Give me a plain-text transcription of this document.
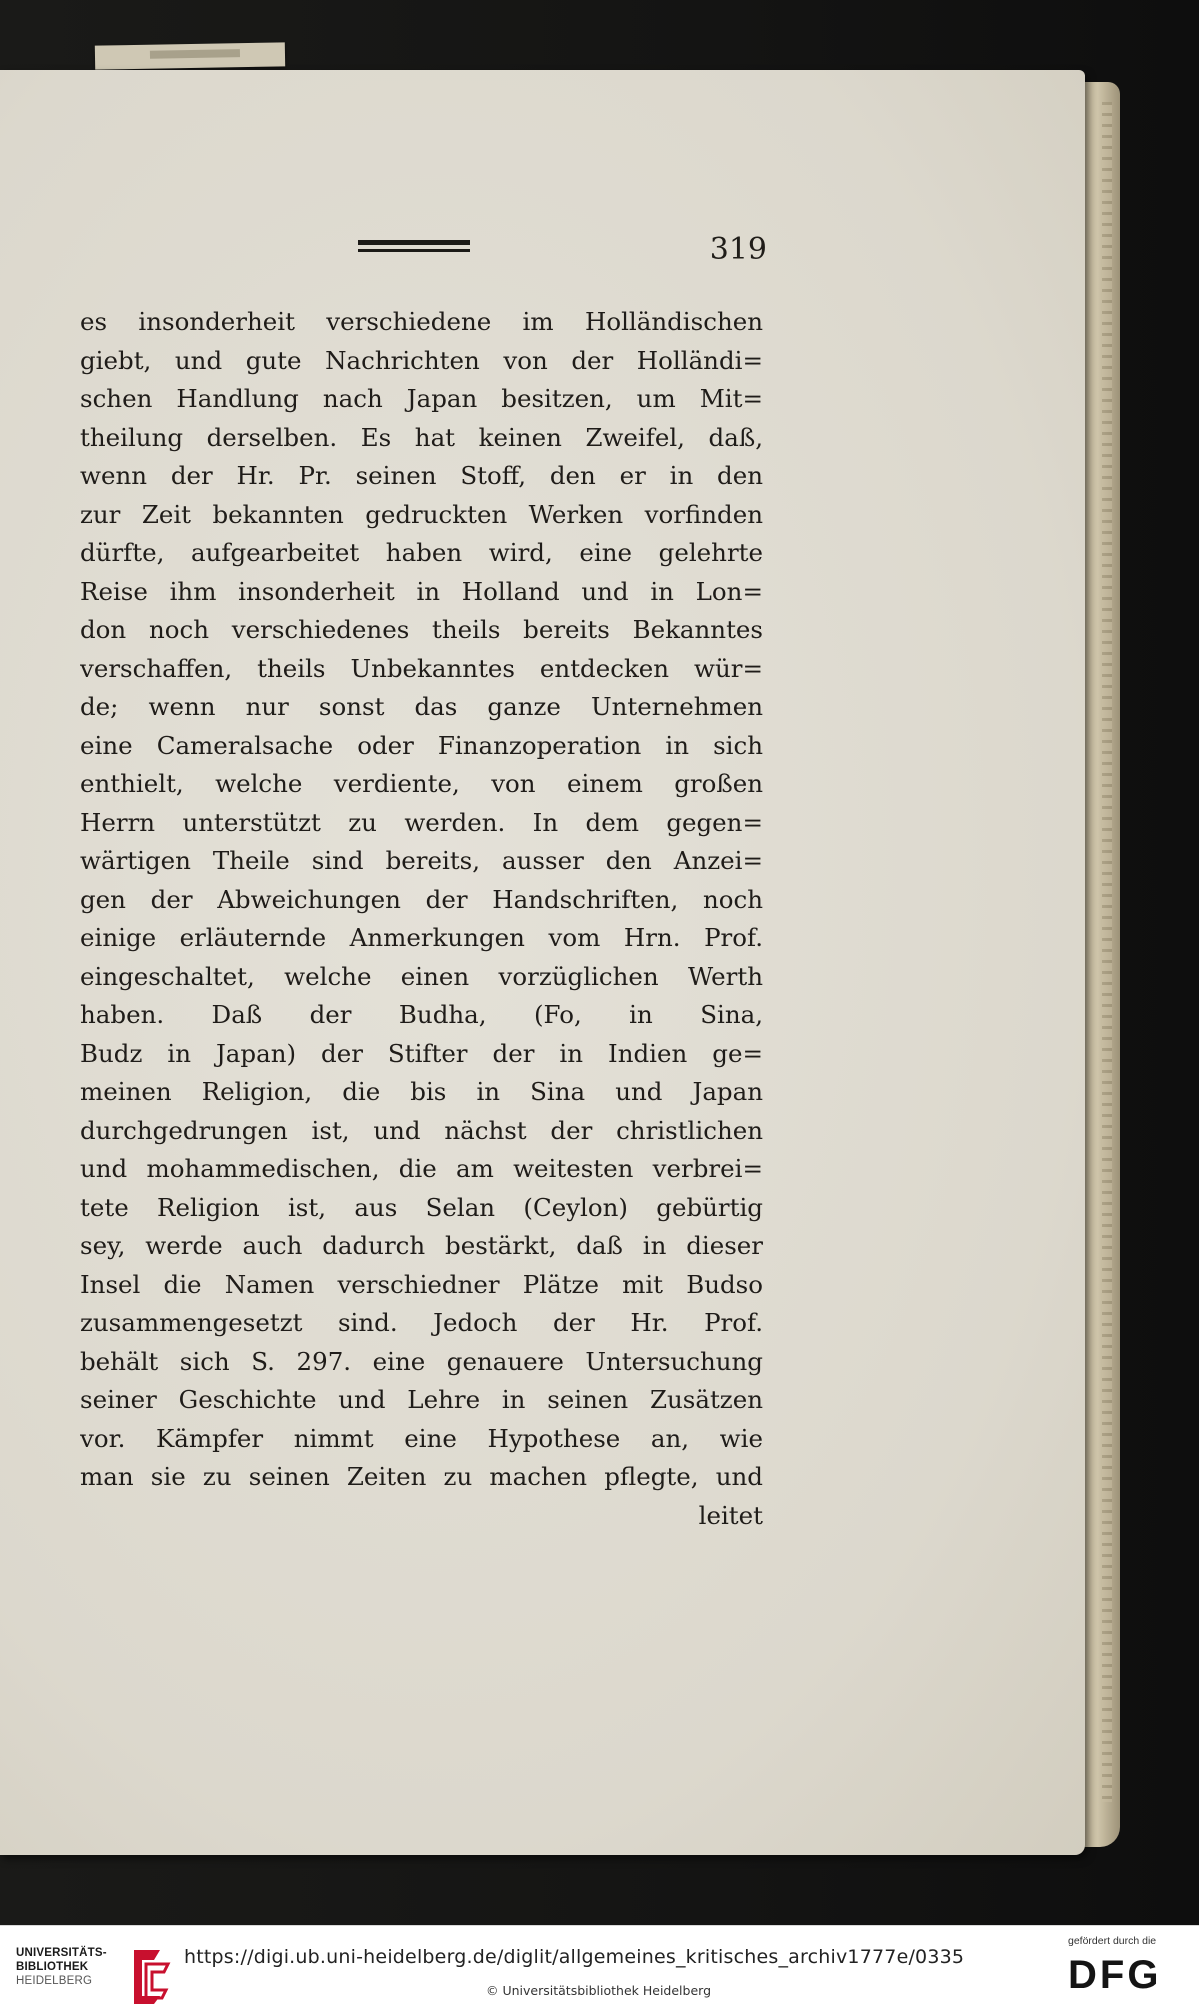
319
es insonderheit verschiedene im Holländischen
giebt, und gute Nachrichten von der Holländi=
schen Handlung nach Japan besitzen, um Mit=
theilung derselben. Es hat keinen Zweifel, daß,
wenn der Hr. Pr. seinen Stoff, den er in den
zur Zeit bekannten gedruckten Werken vorfinden
dürfte, aufgearbeitet haben wird, eine gelehrte
Reise ihm insonderheit in Holland und in Lon=
don noch verschiedenes theils bereits Bekanntes
verschaffen, theils Unbekanntes entdecken wür=
de; wenn nur sonst das ganze Unternehmen
eine Cameralsache oder Finanzoperation in sich
enthielt, welche verdiente, von einem großen
Herrn unterstützt zu werden. In dem gegen=
wärtigen Theile sind bereits, ausser den Anzei=
gen der Abweichungen der Handschriften, noch
einige erläuternde Anmerkungen vom Hrn. Prof.
eingeschaltet, welche einen vorzüglichen Werth
haben. Daß der Budha, (Fo, in Sina,
Budz in Japan) der Stifter der in Indien ge=
meinen Religion, die bis in Sina und Japan
durchgedrungen ist, und nächst der christlichen
und mohammedischen, die am weitesten verbrei=
tete Religion ist, aus Selan (Ceylon) gebürtig
sey, werde auch dadurch bestärkt, daß in dieser
Insel die Namen verschiedner Plätze mit Budso
zusammengesetzt sind. Jedoch der Hr. Prof.
behält sich S. 297. eine genauere Untersuchung
seiner Geschichte und Lehre in seinen Zusätzen
vor. Kämpfer nimmt eine Hypothese an, wie
man sie zu seinen Zeiten zu machen pflegte, und
leitet
UNIVERSITÄTS-
BIBLIOTHEK
HEIDELBERG
https://digi.ub.uni-heidelberg.de/diglit/allgemeines_kritisches_archiv1777e/0335
© Universitätsbibliothek Heidelberg
gefördert durch die
DFG
